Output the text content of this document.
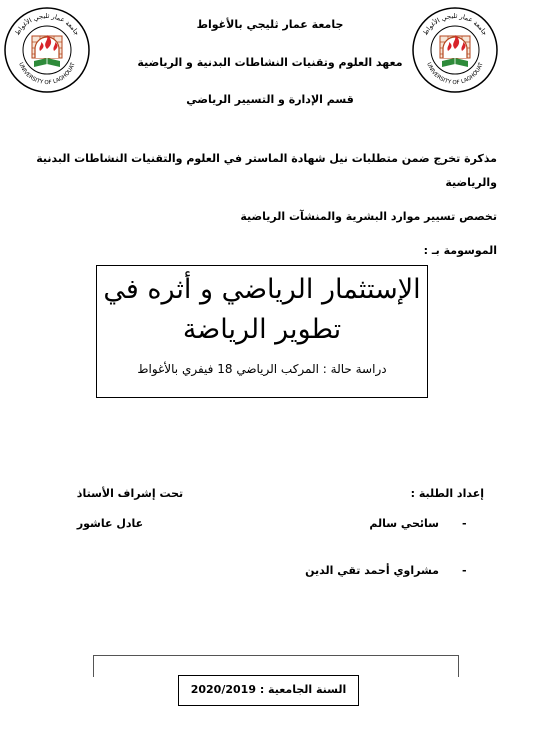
جامعة عمار ثليجي الأغواط
UNIVERSITY OF LAGHOUAT
جامعة عمار ثليجي الأغواط
UNIVERSITY OF LAGHOUAT
جامعة عمار ثليجي بالأغواط
معهد العلوم وتقنيات النشاطات البدنية و الرياضية
قسم الإدارة و التسيير الرياضي
مذكرة تخرج ضمن متطلبات نيل شهادة الماستر في العلوم والتقنيات النشاطات البدنية
والرياضية
تخصص تسيير موارد البشرية والمنشآت الرياضية
الموسومة بـ :
الإستثمار الرياضي و أثره في
تطوير الرياضة
دراسة حالة : المركب الرياضي 18 فيفري بالأغواط
إعداد الطلبة :
-
سائحي سالم
-
مشراوي أحمد تقي الدين
تحت إشراف الأستاذ
عادل عاشور
السنة الجامعية : 2020/2019
